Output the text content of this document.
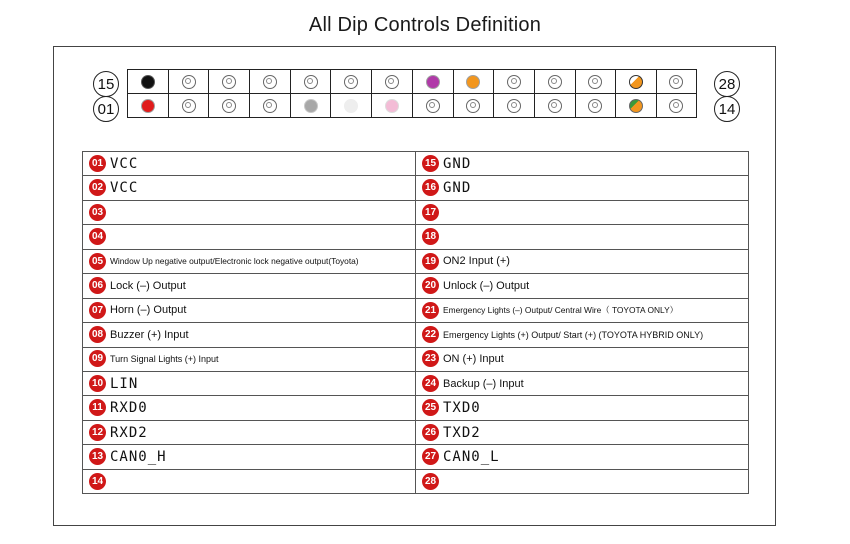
All Dip Controls Definition
15
01
28
14
01 VCC	15 GND
02 VCC	16 GND
03	17
04	18
05 Window Up negative output/Electronic lock negative output(Toyota)	19 ON2 Input (+)
06 Lock (–) Output	20 Unlock (–) Output
07 Horn (–) Output	21 Emergency Lights (–) Output/ Central Wire（ TOYOTA ONLY）
08 Buzzer (+) Input	22 Emergency Lights (+) Output/ Start (+) (TOYOTA HYBRID ONLY)
09 Turn Signal Lights (+) Input	23 ON (+) Input
10 LIN	24 Backup (–) Input
11 RXD0	25 TXD0
12 RXD2	26 TXD2
13 CAN0_H	27 CAN0_L
14	28
